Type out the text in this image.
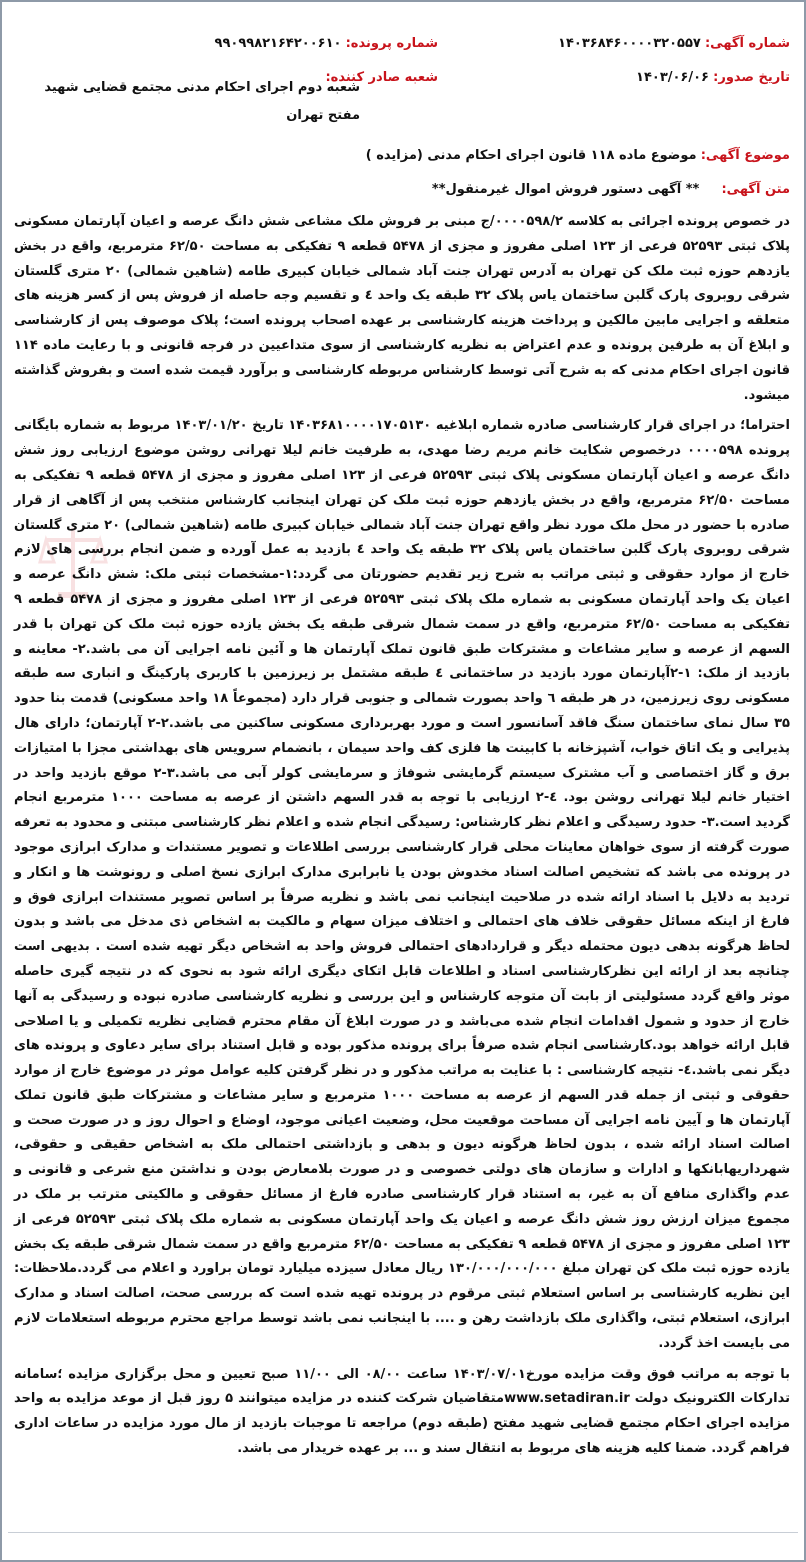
شماره آگهی: ۱۴۰۳۶۸۴۶۰۰۰۰۳۲۰۵۵۷
شماره پرونده: ۹۹۰۹۹۸۲۱۶۴۲۰۰۶۱۰
تاریخ صدور: ۱۴۰۳/۰۶/۰۶
شعبه صادر کننده:
شعبه دوم اجرای احکام مدنی مجتمع قضایی شهید مفتح تهران
موضوع آگهی: موضوع ماده ۱۱۸ قانون اجرای احکام مدنی (مزایده )
متن آگهی: ** آگهی دستور فروش اموال غیرمنقول**

در خصوص پرونده اجرائی به کلاسه ۰۰۰۰۵۹۸/۲/ج مبنی بر فروش ملک مشاعی شش دانگ عرصه و اعیان آپارتمان مسکونی پلاک ثبتی ۵۲۵۹۳ فرعی از ۱۲۳ اصلی مفروز و مجزی از ۵۴۷۸ قطعه ۹ تفکیکی به مساحت ۶۲/۵۰ مترمربع، واقع در بخش یازدهم حوزه ثبت ملک کن تهران به آدرس تهران جنت آباد شمالی خیابان کبیری طامه (شاهین شمالی) ۲۰ متری گلستان شرقی روبروی پارک گلبن ساختمان یاس پلاک ۳۲ طبقه یک واحد ٤ و تقسیم وجه حاصله از فروش پس از کسر هزینه های متعلقه و اجرایی مابین مالکین و پرداخت هزینه کارشناسی بر عهده اصحاب پرونده است؛ پلاک موصوف پس از کارشناسی و ابلاغ آن به طرفین پرونده و عدم اعتراض به نظریه کارشناسی از سوی متداعیین در فرجه قانونی و با رعایت ماده ۱۱۴ قانون اجرای احکام مدنی که به شرح آتی توسط کارشناس مربوطه کارشناسی و برآورد قیمت شده است و بفروش گذاشته میشود.

احتراما؛ در اجرای قرار کارشناسی صادره شماره ابلاغیه ۱۴۰۳۶۸۱۰۰۰۰۱۷۰۵۱۳۰ تاریخ ۱۴۰۳/۰۱/۲۰ مربوط به شماره بایگانی پرونده ۰۰۰۰۵۹۸ درخصوص شکایت خانم مریم رضا مهدی، به طرفیت خانم لیلا تهرانی روشن موضوع ارزیابی روز شش دانگ عرصه و اعیان آپارتمان مسکونی پلاک ثبتی ۵۲۵۹۳ فرعی از ۱۲۳ اصلی مفروز و مجزی از ۵۴۷۸ قطعه ۹ تفکیکی به مساحت ۶۲/۵۰ مترمربع، واقع در بخش یازدهم حوزه ثبت ملک کن تهران اینجانب کارشناس منتخب پس از آگاهی از قرار صادره با حضور در محل ملک مورد نظر واقع تهران جنت آباد شمالی خیابان کبیری طامه (شاهین شمالی) ۲۰ متری گلستان شرقی روبروی پارک گلبن ساختمان یاس پلاک ۳۲ طبقه یک واحد ٤ بازدید به عمل آورده و ضمن انجام بررسی های لازم خارج از موارد حقوقی و ثبتی مراتب به شرح زیر تقدیم حضورتان می گردد:۱-مشخصات ثبتی ملک: شش دانگ عرصه و اعیان یک واحد آپارتمان مسکونی به شماره ملک پلاک ثبتی ۵۲۵۹۳ فرعی از ۱۲۳ اصلی مفروز و مجزی از ۵۴۷۸ قطعه ۹ تفکیکی به مساحت ۶۲/۵۰ مترمربع، واقع در سمت شمال شرقی طبقه یک بخش یازده حوزه ثبت ملک کن تهران با قدر السهم از عرصه و سایر مشاعات و مشترکات طبق قانون تملک آپارتمان ها و آئین نامه اجرایی آن می باشد.۲- معاینه و بازدید از ملک: ۱-۲آپارتمان مورد بازدید در ساختمانی ٤ طبقه مشتمل بر زیرزمین با کاربری پارکینگ و انباری سه طبقه مسکونی روی زیرزمین، در هر طبقه ٦ واحد بصورت شمالی و جنوبی قرار دارد (مجموعاً ۱۸ واحد مسکونی) قدمت بنا حدود ۳۵ سال نمای ساختمان سنگ فاقد آسانسور است و مورد بهربرداری مسکونی ساکنین می باشد.۲-۲ آپارتمان؛ دارای هال پذیرایی و یک اتاق خواب، آشپزخانه با کابینت ها فلزی کف واحد سیمان ، بانضمام سرویس های بهداشتی مجزا با امتیازات برق و گاز اختصاصی و آب مشترک سیستم گرمایشی شوفاژ و سرمایشی کولر آبی می باشد.۳-۲ موقع بازدید واحد در اختیار خانم لیلا تهرانی روشن بود. ٤-۲ ارزیابی با توجه به قدر السهم داشتن از عرصه به مساحت ۱۰۰۰ مترمربع انجام گردید است.۳- حدود رسیدگی و اعلام نظر کارشناس: رسیدگی انجام شده و اعلام نظر کارشناسی مبتنی و محدود به تعرفه صورت گرفته از سوی خواهان معاینات محلی قرار کارشناسی بررسی اطلاعات و تصویر مستندات و مدارک ابرازی موجود در پرونده می باشد که تشخیص اصالت اسناد مخدوش بودن یا نابرابری مدارک ابرازی نسخ اصلی و رونوشت ها و انکار و تردید به دلایل با اسناد ارائه شده در صلاحیت اینجانب نمی باشد و نظریه صرفاً بر اساس تصویر مستندات ابرازی فوق و فارغ از اینکه مسائل حقوقی خلاف های احتمالی و اختلاف میزان سهام و مالکیت به اشخاص ذی مدخل می باشد و بدون لحاظ هرگونه بدهی دیون محتمله دیگر و قراردادهای احتمالی فروش واحد به اشخاص دیگر تهیه شده است . بدیهی است چنانچه بعد از ارائه این نظرکارشناسی اسناد و اطلاعات قابل اتکای دیگری ارائه شود به نحوی که در نتیجه گیری حاصله موثر واقع گردد مسئولیتی از بابت آن متوجه کارشناس و این بررسی و نظریه کارشناسی صادره نبوده و رسیدگی به آنها خارج از حدود و شمول اقدامات انجام شده می‌باشد و در صورت ابلاغ آن مقام محترم قضایی نظریه تکمیلی و یا اصلاحی قابل ارائه خواهد بود.کارشناسی انجام شده صرفاً برای پرونده مذکور بوده و قابل استناد برای سایر دعاوی و پرونده های دیگر نمی باشد.٤- نتیجه کارشناسی : با عنایت به مراتب مذکور و در نظر گرفتن کلیه عوامل موثر در موضوع خارج از موارد حقوقی و ثبتی از جمله قدر السهم از عرصه به مساحت ۱۰۰۰ مترمربع و سایر مشاعات و مشترکات طبق قانون تملک آپارتمان ها و آیین نامه اجرایی آن مساحت موقعیت محل، وضعیت اعیانی موجود، اوضاع و احوال روز و در صورت صحت و اصالت اسناد ارائه شده ، بدون لحاظ هرگونه دیون و بدهی و بازداشتی احتمالی ملک به اشخاص حقیقی و حقوقی، شهرداریهابانکها و ادارات و سازمان های دولتی خصوصی و در صورت بلامعارض بودن و نداشتن منع شرعی و قانونی و عدم واگذاری منافع آن به غیر، به استناد قرار کارشناسی صادره فارغ از مسائل حقوقی و مالکیتی مترتب بر ملک در مجموع میزان ارزش روز شش دانگ عرصه و اعیان یک واحد آپارتمان مسکونی به شماره ملک پلاک ثبتی ۵۲۵۹۳ فرعی از ۱۲۳ اصلی مفروز و مجزی از ۵۴۷۸ قطعه ۹ تفکیکی به مساحت ۶۲/۵۰ مترمربع واقع در سمت شمال شرقی طبقه یک بخش یازده حوزه ثبت ملک کن تهران مبلغ ۱۳۰/۰۰۰/۰۰۰/۰۰۰ ریال معادل سیزده میلیارد تومان براورد و اعلام می گردد.ملاحظات: این نظریه کارشناسی بر اساس استعلام ثبتی مرقوم در پرونده تهیه شده است که بررسی صحت، اصالت اسناد و مدارک ابرازی، استعلام ثبتی، واگذاری ملک بازداشت رهن و .... با اینجانب نمی باشد توسط مراجع محترم مربوطه استعلامات لازم می بایست اخذ گردد.

با توجه به مراتب فوق وقت مزایده مورخ۱۴۰۳/۰۷/۰۱ ساعت ۰۸/۰۰ الی ۱۱/۰۰ صبح تعیین و محل برگزاری مزایده ؛سامانه تدارکات الکترونیک دولت www.setadiran.irمتقاضیان شرکت کننده در مزایده میتوانند ۵ روز قبل از موعد مزایده به واحد مزایده اجرای احکام مجتمع قضایی شهید مفتح (طبقه دوم) مراجعه تا موجبات بازدید از مال مورد مزایده در ساعات اداری فراهم گردد. ضمنا کلیه هزینه های مربوط به انتقال سند و ... بر عهده خریدار می باشد.
